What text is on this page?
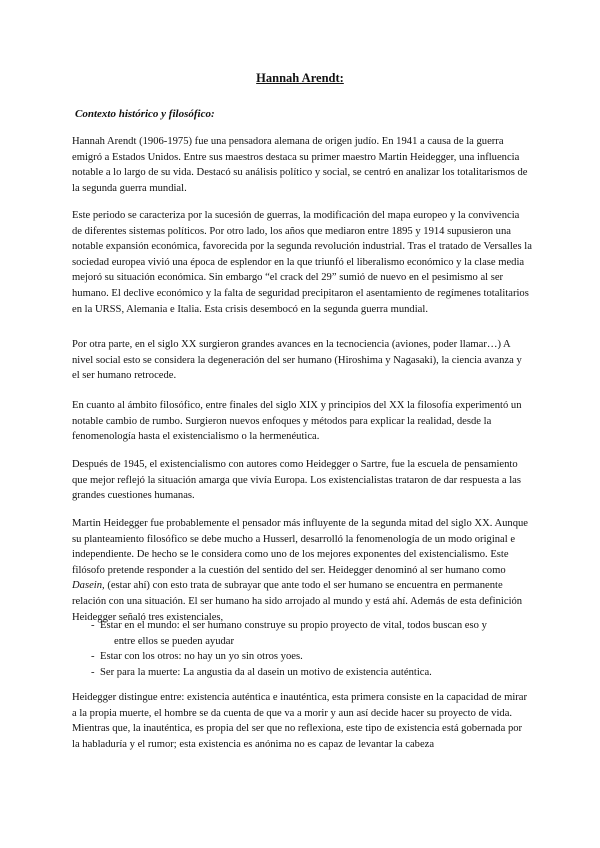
Hannah Arendt:
Contexto histórico y filosófico:

Hannah Arendt (1906-1975) fue una pensadora alemana de origen judío. En 1941 a causa de la guerra emigró a Estados Unidos. Entre sus maestros destaca su primer maestro Martin Heidegger, una influencia notable a lo largo de su vida. Destacó su análisis político y social, se centró en analizar los totalitarismos de la segunda guerra mundial.

Este periodo se caracteriza por la sucesión de guerras, la modificación del mapa europeo y la convivencia de diferentes sistemas políticos. Por otro lado, los años que mediaron entre 1895 y 1914 supusieron una notable expansión económica, favorecida por la segunda revolución industrial. Tras el tratado de Versalles la sociedad europea vivió una época de esplendor en la que triunfó el liberalismo económico y la clase media mejoró su situación económica. Sin embargo “el crack del 29” sumió de nuevo en el pesimismo al ser humano. El declive económico y la falta de seguridad precipitaron el asentamiento de regímenes totalitarios en la URSS, Alemania e Italia. Esta crisis desembocó en la segunda guerra mundial.

Por otra parte, en el siglo XX surgieron grandes avances en la tecnociencia (aviones, poder llamar…) A nivel social esto se considera la degeneración del ser humano (Hiroshima y Nagasaki), la ciencia avanza y el ser humano retrocede.

En cuanto al ámbito filosófico, entre finales del siglo XIX y principios del XX la filosofía experimentó un notable cambio de rumbo. Surgieron nuevos enfoques y métodos para explicar la realidad, desde la fenomenología hasta el existencialismo o la hermenéutica.

Después de 1945, el existencialismo con autores como Heidegger o Sartre, fue la escuela de pensamiento que mejor reflejó la situación amarga que vivía Europa. Los existencialistas trataron de dar respuesta a las grandes cuestiones humanas.

Martin Heidegger fue probablemente el pensador más influyente de la segunda mitad del siglo XX. Aunque su planteamiento filosófico se debe mucho a Husserl, desarrolló la fenomenología de un modo original e independiente. De hecho se le considera como uno de los mejores exponentes del existencialismo. Este filósofo pretende responder a la cuestión del sentido del ser. Heidegger denominó al ser humano como Dasein, (estar ahí) con esto trata de subrayar que ante todo el ser humano se encuentra en permanente relación con una situación. El ser humano ha sido arrojado al mundo y está ahí. Además de esta definición Heidegger señaló tres existenciales,

- Estar en el mundo: el ser humano construye su propio proyecto de vital, todos buscan eso y
entre ellos se pueden ayudar
- Estar con los otros: no hay un yo sin otros yoes.
- Ser para la muerte: La angustia da al dasein un motivo de existencia auténtica.

Heidegger distingue entre: existencia auténtica e inauténtica, esta primera consiste en la capacidad de mirar a la propia muerte, el hombre se da cuenta de que va a morir y aun así decide hacer su proyecto de vida. Mientras que, la inauténtica, es propia del ser que no reflexiona, este tipo de existencia está gobernada por la habladuría y el rumor; esta existencia es anónima no es capaz de levantar la cabeza
